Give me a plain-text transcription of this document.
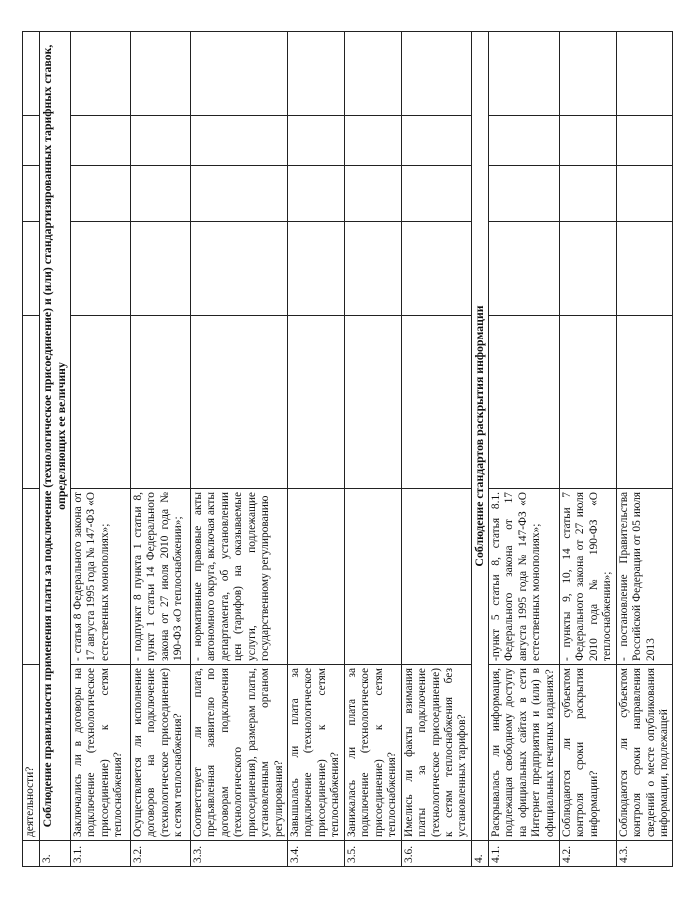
	деятельности?						
3.	Соблюдение правильности применения платы за подключение (технологическое присоединение) и (или) стандартизированных тарифных ставок, определяющих ее величину						
3.1.	Заключались ли в договоры на подключение (технологическое присоединение) к сетям теплоснабжения?	- статья 8 Федерального закона от 17 августа 1995 года № 147-ФЗ «О естественных монополиях»;					
3.2.	Осуществляется ли исполнение договоров на подключение (технологическое присоединение) к сетям теплоснабжения?	- подпункт 8 пункта 1 статьи 8, пункт 1 статьи 14 Федерального закона от 27 июля 2010 года № 190-ФЗ «О теплоснабжении»;					
3.3.	Соответствует ли плата, предъявленная заявителю по договорам подключения (технологического присоединения), размерам платы, установленным органом регулирования?	- нормативные правовые акты автономного округа, включая акты департамента, об установлении цен (тарифов) на оказываемые услуги, подлежащие государственному регулированию					
3.4.	Завышалась ли плата за подключение (технологическое присоединение) к сетям теплоснабжения?						
3.5.	Занижалась ли плата за подключение (технологическое присоединение) к сетям теплоснабжения?						
3.6.	Имелись ли факты взимания платы за подключение (технологическое присоединение) к сетям теплоснабжения без установленных тарифов?						
4.	Соблюдение стандартов раскрытия информации						
4.1.	Раскрывалась ли информация, подлежащая свободному доступу на официальных сайтах в сети Интернет предприятия и (или) в официальных печатных изданиях?	-пункт 5 статьи 8, статья 8.1. Федерального закона от 17 августа 1995 года № 147-ФЗ «О естественных монополиях»;					
4.2.	Соблюдаются ли субъектом контроля сроки раскрытия информации?	- пункты 9, 10, 14 статьи 7 Федерального закона от 27 июля 2010 года № 190-ФЗ «О теплоснабжении»;					
4.3.	Соблюдаются ли субъектом контроля сроки направления сведений о месте опубликования информации, подлежащей	- постановление Правительства Российской Федерации от 05 июля 2013					
